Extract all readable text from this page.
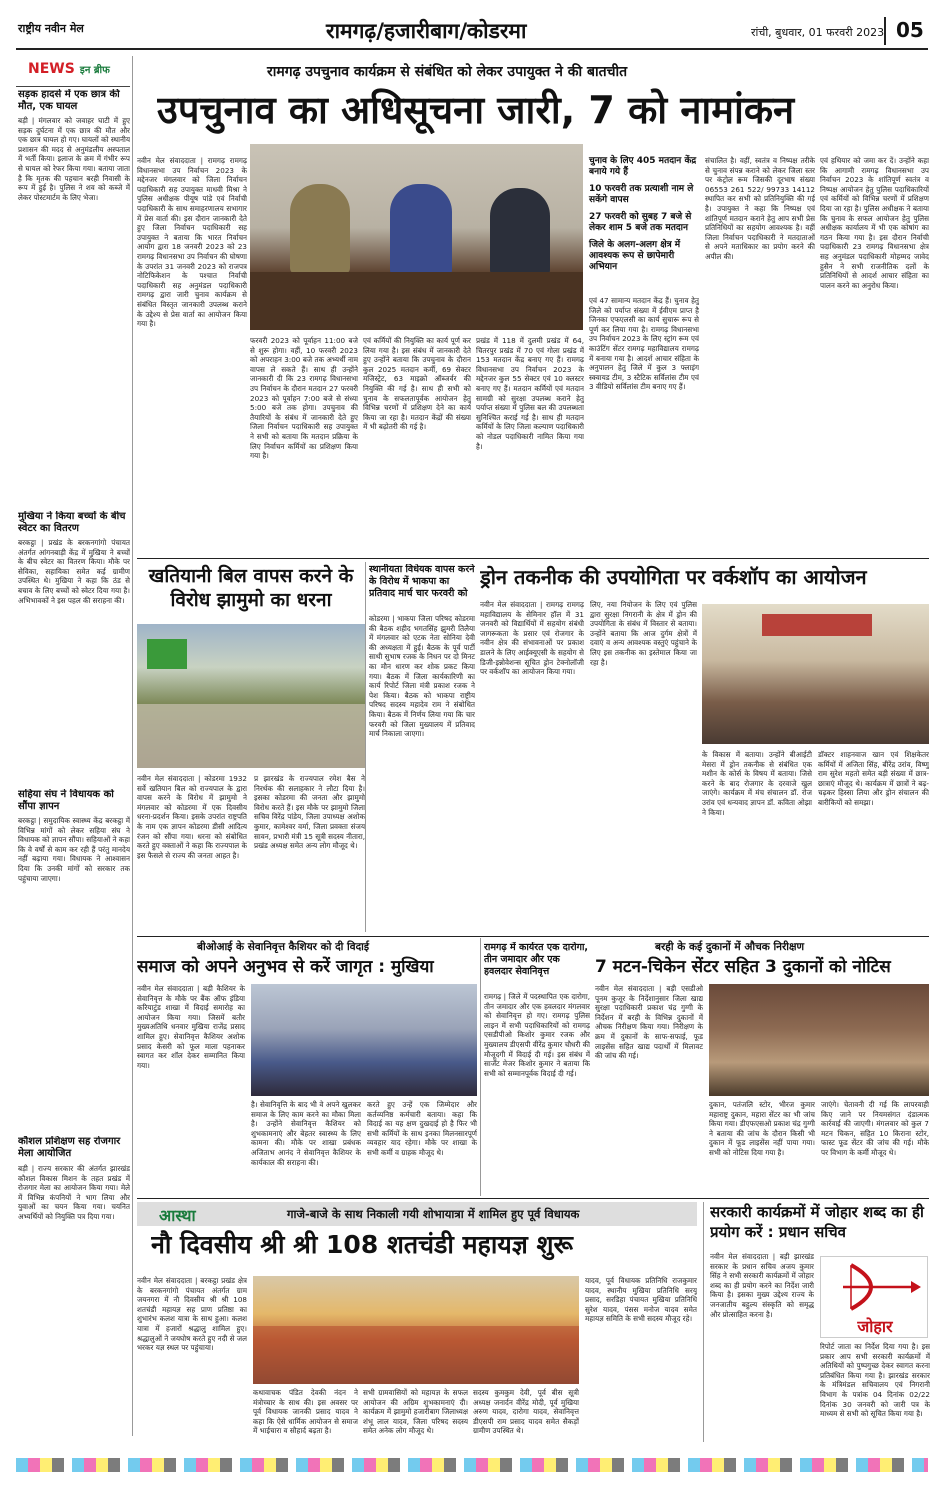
राष्ट्रीय नवीन मेल	रामगढ़/हजारीबाग/कोडरमा	रांची, बुधवार, 01 फरवरी 2023 05
NEWS इन ब्रीफ
सड़क हादसे में एक छात्र की मौत, एक घायल
बड़ी | मंगलवार को जवाहर घाटी में हुए सड़क दुर्घटना में एक छात्र की मौत और एक छात्र घायल हो गए। घायलों को स्थानीय प्रशासन की मदद से अनुमंडलीय अस्पताल में भर्ती किया। इलाज के क्रम में गंभीर रूप से घायल को रेफर किया गया। बताया जाता है कि मृतक की पहचान बरही निवासी के रूप में हुई है। पुलिस ने शव को कब्जे में लेकर पोस्टमार्टम के लिए भेजा।
मुखिया ने किया बच्चों के बीच स्वेटर का वितरण
बरकट्ठा | प्रखंड के बरकनगांगो पंचायत अंतर्गत आंगनबाड़ी केंद्र में मुखिया ने बच्चों के बीच स्वेटर का वितरण किया। मौके पर सेविका, सहायिका समेत कई ग्रामीण उपस्थित थे। मुखिया ने कहा कि ठंड से बचाव के लिए बच्चों को स्वेटर दिया गया है। अभिभावकों ने इस पहल की सराहना की।
सहिया संघ ने विधायक को सौंपा ज्ञापन
बरकट्ठा | समुदायिक स्वास्थ्य केंद्र बरकट्ठा में विभिन्न मांगों को लेकर सहिया संघ ने विधायक को ज्ञापन सौंपा। सहियाओं ने कहा कि वे वर्षों से काम कर रही हैं परंतु मानदेय नहीं बढ़ाया गया। विधायक ने आश्वासन दिया कि उनकी मांगों को सरकार तक पहुंचाया जाएगा।
कौशल प्रशिक्षण सह रोजगार मेला आयोजित
बड़ी | राज्य सरकार की अंतर्गत झारखंड कौशल विकास मिशन के तहत प्रखंड में रोजगार मेला का आयोजन किया गया। मेले में विभिन्न कंपनियों ने भाग लिया और युवाओं का चयन किया गया। चयनित अभ्यर्थियों को नियुक्ति पत्र दिया गया।
रामगढ़ उपचुनाव कार्यक्रम से संबंधित को लेकर उपायुक्त ने की बातचीत
उपचुनाव का अधिसूचना जारी, 7 को नामांकन
नवीन मेल संवाददाता | रामगढ़ रामगढ़ विधानसभा उप निर्वाचन 2023 के मद्देनजर मंगलवार को जिला निर्वाचन पदाधिकारी सह उपायुक्त माधवी मिश्रा ने पुलिस अधीक्षक पीयूष पांडे एवं निर्वाची पदाधिकारी के साथ समाहरणालय सभागार में प्रेस वार्ता की। इस दौरान जानकारी देते हुए जिला निर्वाचन पदाधिकारी सह उपायुक्त ने बताया कि भारत निर्वाचन आयोग द्वारा 18 जनवरी 2023 को 23 रामगढ़ विधानसभा उप निर्वाचन की घोषणा के उपरांत 31 जनवरी 2023 को राजपत्र नोटिफिकेशन के पश्चात निर्वाची पदाधिकारी सह अनुमंडल पदाधिकारी रामगढ़ द्वारा जारी चुनाव कार्यक्रम से संबंधित विस्तृत जानकारी उपलब्ध कराने के उद्देश्य से प्रेस वार्ता का आयोजन किया गया है।
फरवरी 2023 को पूर्वाहन 11:00 बजे से शुरू होगा। वहीं, 10 फरवरी 2023 को अपराहन 3:00 बजे तक अभ्यर्थी नाम वापस ले सकते हैं। साथ ही उन्होंने जानकारी दी कि 23 रामगढ़ विधानसभा उप निर्वाचन के दौरान मतदान 27 फरवरी 2023 को पूर्वाहन 7:00 बजे से संध्या 5:00 बजे तक होगा। उपचुनाव की तैयारियों के संबंध में जानकारी देते हुए जिला निर्वाचन पदाधिकारी सह उपायुक्त ने सभी को बताया कि मतदान प्रक्रिया के लिए निर्वाचन कर्मियों का प्रशिक्षण किया गया है।
एवं कर्मियों की नियुक्ति का कार्य पूर्ण कर लिया गया है। इस संबंध में जानकारी देते हुए उन्होंने बताया कि उपचुनाव के दौरान कुल 2025 मतदान कर्मी, 69 सेक्टर मजिस्ट्रेट, 63 माइक्रो ऑब्जर्वर की नियुक्ति की गई है। साथ ही सभी को चुनाव के सफलतापूर्वक आयोजन हेतु विभिन्न चरणों में प्रशिक्षण देने का कार्य किया जा रहा है। मतदान केंद्रों की संख्या में भी बढ़ोतरी की गई है।
प्रखंड में 118 में दुलमी प्रखंड में 64, चितरपुर प्रखंड में 70 एवं गोला प्रखंड में 153 मतदान केंद्र बनाए गए हैं। रामगढ़ विधानसभा उप निर्वाचन 2023 के मद्देनजर कुल 55 सेक्टर एवं 10 क्लस्टर बनाए गए हैं। मतदान कर्मियों एवं मतदान सामग्री को सुरक्षा उपलब्ध कराने हेतु पर्याप्त संख्या में पुलिस बल की उपलब्धता सुनिश्चित कराई गई है। साथ ही मतदान कर्मियों के लिए जिला कल्याण पदाधिकारी को नोडल पदाधिकारी नामित किया गया है।
चुनाव के लिए 405 मतदान केंद्र बनाये गये हैं
10 फरवरी तक प्रत्याशी नाम ले सकेंगे वापस
27 फरवरी को सुबह 7 बजे से लेकर शाम 5 बजे तक मतदान
जिले के अलग-अलग क्षेत्र में आवश्यक रूप से छापेमारी अभियान
एवं 47 सामान्य मतदान केंद्र हैं। चुनाव हेतु जिले को पर्याप्त संख्या में ईवीएम प्राप्त है जिनका एफएलसी का कार्य सुचारू रूप से पूर्ण कर लिया गया है। रामगढ़ विधानसभा उप निर्वाचन 2023 के लिए स्ट्रांग रूम एवं काउंटिंग सेंटर रामगढ़ महाविद्यालय रामगढ़ में बनाया गया है। आदर्श आचार संहिता के अनुपालन हेतु जिले में कुल 3 फ्लाइंग स्क्वायड टीम, 3 स्टैटिक सर्विलांस टीम एवं 3 वीडियो सर्विलांस टीम बनाए गए हैं।
संचालित है। वहीं, स्वतंत्र व निष्पक्ष तरीके से चुनाव संपन्न कराने को लेकर जिला स्तर पर कंट्रोल रूम जिसकी दूरभाष संख्या 06553 261 522/ 99733 14112 स्थापित कर सभी को प्रतिनियुक्ति की गई है। उपायुक्त ने कहा कि निष्पक्ष एवं शांतिपूर्ण मतदान कराने हेतु आप सभी प्रेस प्रतिनिधियों का सहयोग आवश्यक है। वहीं जिला निर्वाचन पदाधिकारी ने मतदाताओं से अपने मताधिकार का प्रयोग करने की अपील की।
एवं हथियार को जमा कर दें। उन्होंने कहा कि आगामी रामगढ़ विधानसभा उप निर्वाचन 2023 के शांतिपूर्ण स्वतंत्र व निष्पक्ष आयोजन हेतु पुलिस पदाधिकारियों एवं कर्मियों को विभिन्न चरणों में प्रशिक्षण दिया जा रहा है। पुलिस अधीक्षक ने बताया कि चुनाव के सफल आयोजन हेतु पुलिस अधीक्षक कार्यालय में भी एक कोषांग का गठन किया गया है। इस दौरान निर्वाची पदाधिकारी 23 रामगढ़ विधानसभा क्षेत्र सह अनुमंडल पदाधिकारी मोहम्मद जावेद हुसैन ने सभी राजनीतिक दलों के प्रतिनिधियों से आदर्श आचार संहिता का पालन करने का अनुरोध किया।
खतियानी बिल वापस करने के विरोध झामुमो का धरना
नवीन मेल संवाददाता | कोडरमा 1932 सर्वे खतियान बिल को राज्यपाल के द्वारा वापस करने के विरोध में झामुमो ने मंगलवार को कोडरमा में एक दिवसीय धरना-प्रदर्शन किया। इसके उपरांत राष्ट्रपति के नाम एक ज्ञापन कोडरमा डीसी आदित्य रंजन को सौंपा गया। धरना को संबोधित करते हुए वक्ताओं ने कहा कि राज्यपाल के इस फैसले से राज्य की जनता आहत है।
प्र झारखंड के राज्यपाल रमेश बैस ने निरर्थक की सलाहकार ने लौटा दिया है। इसका कोडरमा की जनता और झामुमो विरोध करते हैं। इस मौके पर झामुमो जिला सचिव विरेंद्र पांडेय, जिला उपाध्यक्ष अशोक कुमार, कामेश्वर वर्मा, जिला प्रवक्ता संजय सावन, प्रभारी मंत्री 15 सूत्री सदस्य नीतारा, प्रखंड अध्यक्ष समेत अन्य लोग मौजूद थे।
स्थानीयता विधेयक वापस करने के विरोध में भाकपा का प्रतिवाद मार्च चार फरवरी को
कोडरमा | भाकपा जिला परिषद कोडरमा की बैठक शहीद भगतसिंह झुमरी तिलैया में मंगलवार को एटक नेता सोनिया देवी की अध्यक्षता में हुई। बैठक के पूर्व पार्टी साथी सुभाष रजक के निधन पर दो मिनट का मौन धारण कर शोक प्रकट किया गया। बैठक में जिला कार्यकारिणी का कार्य रिपोर्ट जिला मंत्री प्रकाश रजक ने पेश किया। बैठक को भाकपा राष्ट्रीय परिषद सदस्य महादेव राम ने संबोधित किया। बैठक में निर्णय लिया गया कि चार फरवरी को जिला मुख्यालय में प्रतिवाद मार्च निकाला जाएगा।
ड्रोन तकनीक की उपयोगिता पर वर्कशॉप का आयोजन
नवीन मेल संवाददाता | रामगढ़ रामगढ़ महाविद्यालय के सेमिनार हॉल में 31 जनवरी को विद्यार्थियों में सहयोग संबंधी जागरूकता के प्रसार एवं रोजगार के नवीन क्षेत्र की संभावनाओं पर प्रकाश डालने के लिए आईक्यूएसी के सहयोग से डिजी-इन्नोवेशन्स सूचित ड्रोन टेक्नोलॉजी पर वर्कशॉप का आयोजन किया गया।
लिए, नया नियोजन के लिए एवं पुलिस द्वारा सुरक्षा निगरानी के क्षेत्र में ड्रोन की उपयोगिता के संबंध में विस्तार से बताया। उन्होंने बताया कि आज दुर्गम क्षेत्रों में दवाएं व अन्य आवश्यक वस्तुएं पहुंचाने के लिए इस तकनीक का इस्तेमाल किया जा रहा है।
के विकास में बताया। उन्होंने बीआईटी मेसरा में ड्रोन तकनीक से संबंधित एक मशीन के कोर्स के विषय में बताया। जिसे करने के बाद रोजगार के दरवाजे खुल जाएंगे। कार्यक्रम में मंच संचालन डॉ. रोज उरांव एवं धन्यवाद ज्ञापन डॉ. कविता ओझा ने किया।
डॉक्टर शाहनवाज खान एवं शिक्षकेतर कर्मियों में अजिता सिंह, बीरेंद्र उरांव, विष्णु राम सुरेश महतो समेत बड़ी संख्या में छात्र-छात्राएं मौजूद थे। कार्यक्रम में छात्रों ने बढ़-चढ़कर हिस्सा लिया और ड्रोन संचालन की बारीकियों को समझा।
बीओआई के सेवानिवृत्त कैशियर को दी विदाई
समाज को अपने अनुभव से करें जागृत : मुखिया
नवीन मेल संवाददाता | बड़ी कैशियर के सेवानिवृत्त के मौके पर बैंक ऑफ इंडिया करियाटुंड शाखा में विदाई समारोह का आयोजन किया गया। जिसमें बतौर मुख्यअतिथि धनवार मुखिया राजेंद्र प्रसाद शामिल हुए। सेवानिवृत्त कैशियर अशोक प्रसाद केसरी को फूल माला पहनाकर स्वागत कर शॉल देकर सम्मानित किया गया।
है। सेवानिवृत्ति के बाद भी वे अपने खुलकर समाज के लिए काम करने का मौका मिला है। उन्होंने सेवानिवृत्त कैशियर को शुभकामनाएं और बेहतर स्वास्थ्य के लिए कामना की। मौके पर शाखा प्रबंधक अजिताभ आनंद ने सेवानिवृत्त कैशियर के कार्यकाल की सराहना की।
करते हुए उन्हें एक जिम्मेदार और कर्तव्यनिष्ठ कर्मचारी बताया। कहा कि विदाई का यह क्षण दुखदाई हो है फिर भी सभी कर्मियों के साथ इनका मिलनसारपूर्ण व्यवहार याद रहेगा। मौके पर शाखा के सभी कर्मी व ग्राहक मौजूद थे।
रामगढ़ में कार्यरत एक दारोगा, तीन जमादार और एक हवलदार सेवानिवृत्त
रामगढ़ | जिले में पदस्थापित एक दारोगा, तीन जमादार और एक हवलदार मंगलवार को सेवानिवृत्त हो गए। रामगढ़ पुलिस लाइन में सभी पदाधिकारियों को रामगढ़ एसडीपीओ किशोर कुमार रजक और मुख्यालय डीएसपी वीरेंद्र कुमार चौधरी की मौजूदगी में विदाई दी गई। इस संबंध में सार्जेंट मेजर किशोर कुमार ने बताया कि सभी को सम्मानपूर्वक विदाई दी गई।
बरही के कई दुकानों में औचक निरीक्षण
7 मटन-चिकेन सेंटर सहित 3 दुकानों को नोटिस
नवीन मेल संवाददाता | बड़ी एसडीओ पूनम कुजूर के निर्देशानुसार जिला खाद्य सुरक्षा पदाधिकारी प्रकाश चंद्र गुग्गी के निर्देशन में बरही के विभिन्न दुकानों में औचक निरीक्षण किया गया। निरीक्षण के क्रम में दुकानों के साफ-सफाई, फूड लाइसेंस सहित खाद्य पदार्थों में मिलावट की जांच की गई।
दुकान, पतंजलि स्टोर, भीरज कुमार महाराष्ट्र दुकान, महारा सेंटर का भी जांच किया गया। डीएफएसओ प्रकाश चंद्र गुग्गी ने बताया की जांच के दौरान किसी भी दुकान में फूड लाइसेंस नहीं पाया गया। सभी को नोटिस दिया गया है।
जाएंगे। चेतावनी दी गई कि लापरवाही किए जाने पर नियमसंगत दंडात्मक कार्रवाई की जाएगी। मंगलवार को कुल 7 मटन चिकन, सहित 10 किराना स्टोर, फास्ट फूड सेंटर की जांच की गई। मौके पर विभाग के कर्मी मौजूद थे।
आस्था	गाजे-बाजे के साथ निकाली गयी शोभायात्रा में शामिल हुए पूर्व विधायक
नौ दिवसीय श्री श्री 108 शतचंडी महायज्ञ शुरू
नवीन मेल संवाददाता | बरकट्ठा प्रखंड क्षेत्र के बरकनगांगो पंचायत अंतर्गत ग्राम जयनगरा में नौ दिवसीय श्री श्री 108 शतचंडी महायज्ञ सह प्राण प्रतिष्ठा का शुभारंभ कलश यात्रा के साथ हुआ। कलश यात्रा में हजारों श्रद्धालु शामिल हुए। श्रद्धालुओं ने जयघोष करते हुए नदी से जल भरकर यज्ञ स्थल पर पहुंचाया।
कथावाचक पंडित देवकी नंदन ने मंत्रोच्चार के साथ की। इस अवसर पर पूर्व विधायक जानकी प्रसाद यादव ने कहा कि ऐसे धार्मिक आयोजन से समाज में भाईचारा व सौहार्द बढ़ता है।
सभी ग्रामवासियों को महायज्ञ के सफल आयोजन की अग्रिम शुभकामनाएं दी। कार्यक्रम में झामुमो हजारीबाग जिलाध्यक्ष शंभू लाल यादव, जिला परिषद सदस्य समेत अनेक लोग मौजूद थे।
सदस्य कुमकुम देवी, पूर्व बीस सूत्री अध्यक्ष जनार्दन वीरेंद्र मोदी, पूर्व मुखिया अरुण यादव, दारोगा यादव, सेवानिवृत्त डीएसपी राम प्रसाद यादव समेत सैकड़ों ग्रामीण उपस्थित थे।
यादव, पूर्व विधायक प्रतिनिधि राजकुमार यादव, स्थानीय मुखिया प्रतिनिधि सरयू प्रसाद, सरडिहा पंचायत मुखिया प्रतिनिधि सुरेश यादव, पंसस मनोज यादव समेत महायज्ञ समिति के सभी सदस्य मौजूद रहे।
सरकारी कार्यक्रमों में जोहार शब्द का ही प्रयोग करें : प्रधान सचिव
नवीन मेल संवाददाता | बड़ी झारखंड सरकार के प्रधान सचिव अजय कुमार सिंह ने सभी सरकारी कार्यक्रमों में जोहार शब्द का ही प्रयोग करने का निर्देश जारी किया है। इसका मुख्य उद्देश्य राज्य के जनजातीय बहुल्य संस्कृति को समृद्ध और प्रोत्साहित करना है।
जोहार
रिपोर्ट जाता का निर्देश दिया गया है। इस प्रकार आप सभी सरकारी कार्यक्रमों में अतिथियों को पुष्पगुच्छ देकर स्वागत करना प्रतिबंधित किया गया है। झारखंड सरकार के मंत्रिमंडल सचिवालय एवं निगरानी विभाग के पत्रांक 04 दिनांक 02/22 दिनांक 30 जनवरी को जारी पत्र के माध्यम से सभी को सूचित किया गया है।
